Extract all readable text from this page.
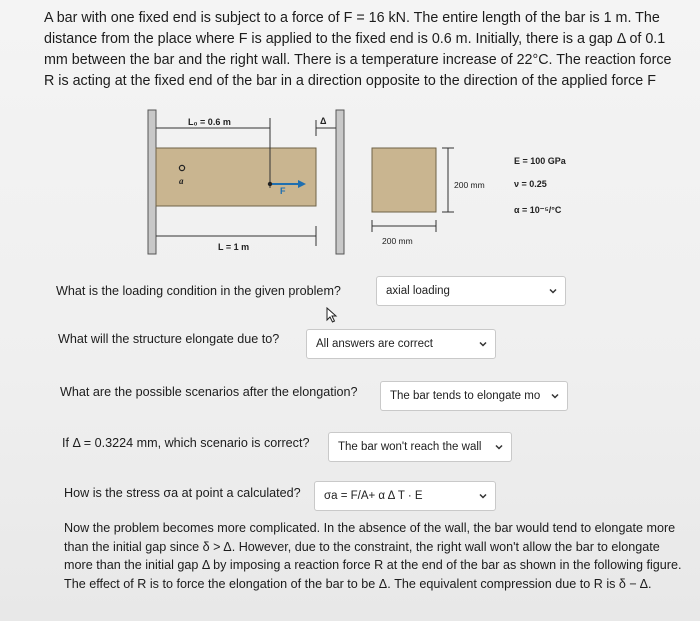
A bar with one fixed end is subject to a force of F = 16 kN. The entire length of the bar is 1 m. The distance from the place where F is applied to the fixed end is 0.6 m. Initially, there is a gap Δ of 0.1 mm between the bar and the right wall. There is a temperature increase of 22°C. The reaction force R is acting at the fixed end of the bar in a direction opposite to the direction of the applied force F

L₀ = 0.6 m
F
a
Δ
L = 1 m
200 mm
200 mm
E = 100 GPa
ν = 0.25
α = 10⁻⁵/°C
What is the loading condition in the given problem?	axial loading
What will the structure elongate due to?	All answers are correct
What are the possible scenarios after the elongation?	The bar tends to elongate mo
If Δ = 0.3224 mm, which scenario is correct? The bar won't reach the wall
How is the stress σa at point a calculated? σa = F/A+ α Δ T · E

Now the problem becomes more complicated. In the absence of the wall, the bar would tend to elongate more than the initial gap since δ > Δ. However, due to the constraint, the right wall won't allow the bar to elongate more than the initial gap Δ by imposing a reaction force R at the end of the bar as shown in the following figure. The effect of R is to force the elongation of the bar to be Δ. The equivalent compression due to R is δ − Δ.
